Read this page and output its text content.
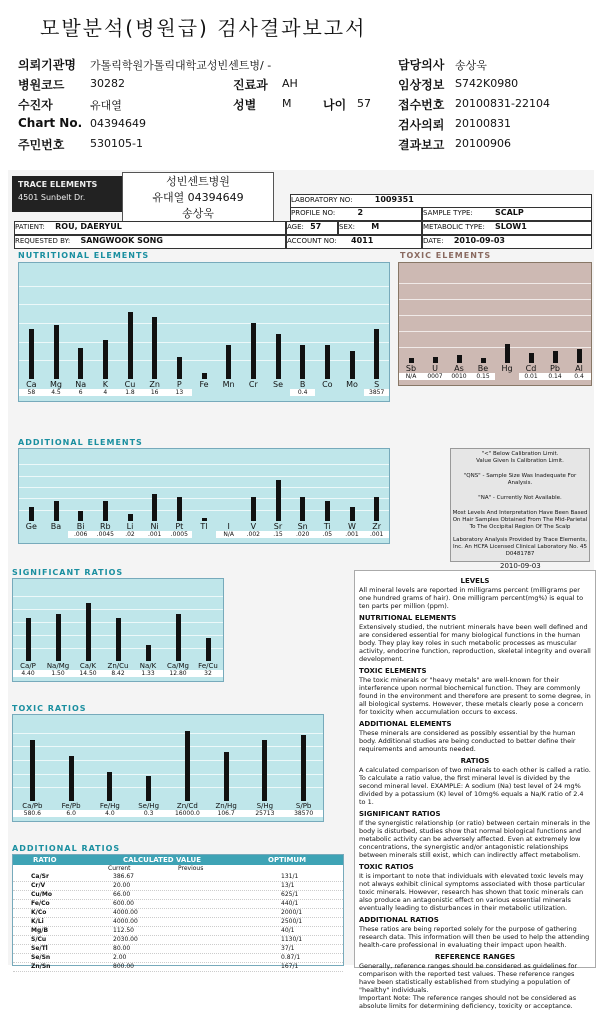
모발분석(병원급) 검사결과보고서
의뢰기관명 가톨릭학원가톨릭대학교성빈센트병/ -	담당의사 송상욱
병원코드 30282	진료과 AH	임상정보 S742K0980
수진자	유대열	성별 M	나이 57 접수번호 20100831-22104
Chart No. 04394649	검사의뢰 20100831
주민번호 530105-1	결과보고 20100906
TRACE ELEMENTS
4501 Sunbelt Dr.
성빈센트병원
유대열 04394649
송상욱
LABORATORY NO:	1009351
PROFILE NO:	2	SAMPLE TYPE:	SCALP
PATIENT: ROU, DAERYUL	AGE: 57	SEX: M	METABOLIC TYPE: SLOW1
REQUESTED BY: SANGWOOK SONG	ACCOUNT NO: 4011	DATE: 2010-09-03
NUTRITIONAL ELEMENTS	TOXIC ELEMENTS
ADDITIONAL ELEMENTS
SIGNIFICANT RATIOS
TOXIC RATIOS
ADDITIONAL RATIOS
Ca
58
Mg
4.5
Na
6
K
4
Cu
1.8
Zn
16
P
13
Fe	Mn	Cr	Se	B
0.4
Co	Mo	S
3857
Sb
N/A
U
0007
As
0010
Be
0.15
Hg	Cd
0.01
Pb
0.14
Al
0.4
Ge	Ba	Bi
.006
Rb
.0045
Li
.02
Ni
.001
Pt
.0005
Tl	I
N/A
V
.002
Sr
.15
Sn
.020
Ti
.05
W
.001
Zr
.001
Ca/P
4.40
Na/Mg
1.50
Ca/K
14.50
Zn/Cu
8.42
Na/K
1.33
Ca/Mg
12.80
Fe/Cu
32
Ca/Pb
580.6
Fe/Pb
6.0
Fe/Hg
4.0
Se/Hg
0.3
Zn/Cd
16000.0
Zn/Hg
106.7
S/Hg
25713
S/Pb
38570
"<" Below Calibration Limit.
Value Given Is Calibration Limit.
"QNS" - Sample Size Was Inadequate For Analysis.
"NA" - Currently Not Available.
Most Levels And Interpretation Have Been Based On Hair Samples Obtained From The Mid-Parietal To The Occipital Region Of The Scalp
Laboratory Analysis Provided by Trace Elements, Inc. An HCFA Licensed Clinical Laboratory No. 45 D0481787
2010-09-03
LEVELS
All mineral levels are reported in milligrams percent (milligrams per one hundred grams of hair). One milligram percent(mg%) is equal to ten parts per million (ppm).
NUTRITIONAL ELEMENTS
Extensively studied, the nutrient minerals have been well defined and are considered essential for many biological functions in the human body. They play key roles in such metabolic processes as muscular activity, endocrine function, reproduction, skeletal integrity and overall development.
TOXIC ELEMENTS
The toxic minerals or "heavy metals" are well-known for their interference upon normal biochemical function. They are commonly found in the environment and therefore are present to some degree, in all biological systems. However, these metals clearly pose a concern for toxicity when accumulation occurs to excess.
ADDITIONAL ELEMENTS
These minerals are considered as possibly essential by the human body. Additional studies are being conducted to better define their requirements and amounts needed.
RATIOS
A calculated comparison of two minerals to each other is called a ratio. To calculate a ratio value, the first mineral level is divided by the second mineral level. EXAMPLE: A sodium (Na) test level of 24 mg% divided by a potassium (K) level of 10mg% equals a Na/K ratio of 2.4 to 1.
SIGNIFICANT RATIOS
If the synergistic relationship (or ratio) between certain minerals in the body is disturbed, studies show that normal biological functions and metabolic activity can be adversely affected. Even at extremely low concentrations, the synergistic and/or antagonistic relationships between minerals still exist, which can indirectly affect metabolism.
TOXIC RATIOS
It is important to note that individuals with elevated toxic levels may not always exhibit clinical symptoms associated with those particular toxic minerals. However, research has shown that toxic minerals can also produce an antagonistic effect on various essential minerals eventually leading to disturbances in their metabolic utilization.
ADDITIONAL RATIOS
These ratios are being reported solely for the purpose of gathering research data. This information will then be used to help the attending health-care professional in evaluating their impact upon health.
REFERENCE RANGES
Generally, reference ranges should be considered as guidelines for comparison with the reported test values. These reference ranges have been statistically established from studying a population of "healthy" individuals.
Important Note: The reference ranges should not be considered as absolute limits for determining deficiency, toxicity or acceptance.
RATIO	CALCULATED VALUE	OPTIMUM
Current	Previous
Ca/Sr	386.67	131/1
Cr/V	20.00	13/1
Cu/Mo	66.00	625/1
Fe/Co	600.00	440/1
K/Co	4000.00	2000/1
K/Li	4000.00	2500/1
Mg/B	112.50	40/1
S/Cu	2030.00	1130/1
Se/Tl	80.00	37/1
Se/Sn	2.00	0.87/1
Zn/Sn	800.00	167/1
